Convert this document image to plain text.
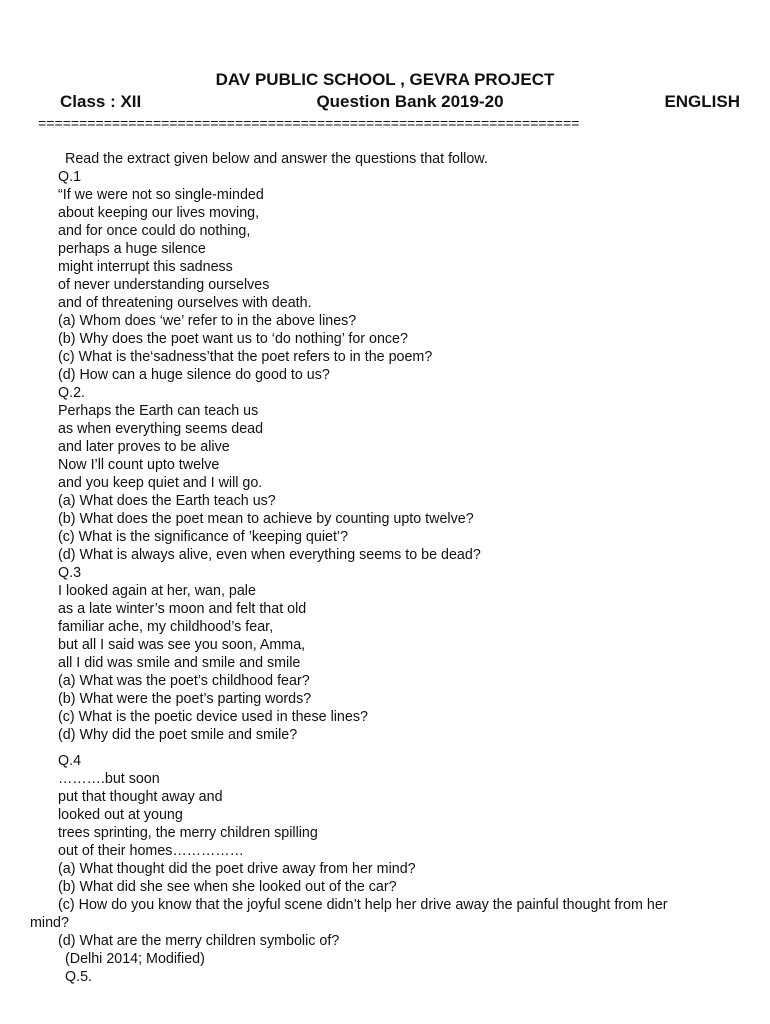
DAV PUBLIC SCHOOL , GEVRA PROJECT
Class : XII	Question Bank 2019-20	ENGLISH
==================================================================
Read the extract given below and answer the questions that follow.
Q.1
“If we were not so single-minded
about keeping our lives moving,
and for once could do nothing,
perhaps a huge silence
might interrupt this sadness
of never understanding ourselves
and of threatening ourselves with death.
(a) Whom does ‘we’ refer to in the above lines?
(b) Why does the poet want us to ‘do nothing’ for once?
(c) What is the‘sadness’that the poet refers to in the poem?
(d) How can a huge silence do good to us?
Q.2.
Perhaps the Earth can teach us
as when everything seems dead
and later proves to be alive
Now I’ll count upto twelve
and you keep quiet and I will go.
(a) What does the Earth teach us?
(b) What does the poet mean to achieve by counting upto twelve?
(c) What is the significance of ’keeping quiet’?
(d) What is always alive, even when everything seems to be dead?
Q.3
I looked again at her, wan, pale
as a late winter’s moon and felt that old
familiar ache, my childhood’s fear,
but all I said was see you soon, Amma,
all I did was smile and smile and smile
(a) What was the poet’s childhood fear?
(b) What were the poet’s parting words?
(c) What is the poetic device used in these lines?
(d) Why did the poet smile and smile?
Q.4
……….but soon
put that thought away and
looked out at young
trees sprinting, the merry children spilling
out of their homes……………
(a) What thought did the poet drive away from her mind?
(b) What did she see when she looked out of the car?
(c) How do you know that the joyful scene didn’t help her drive away the painful thought from her
mind?
(d) What are the merry children symbolic of?
(Delhi 2014; Modified)
Q.5.
